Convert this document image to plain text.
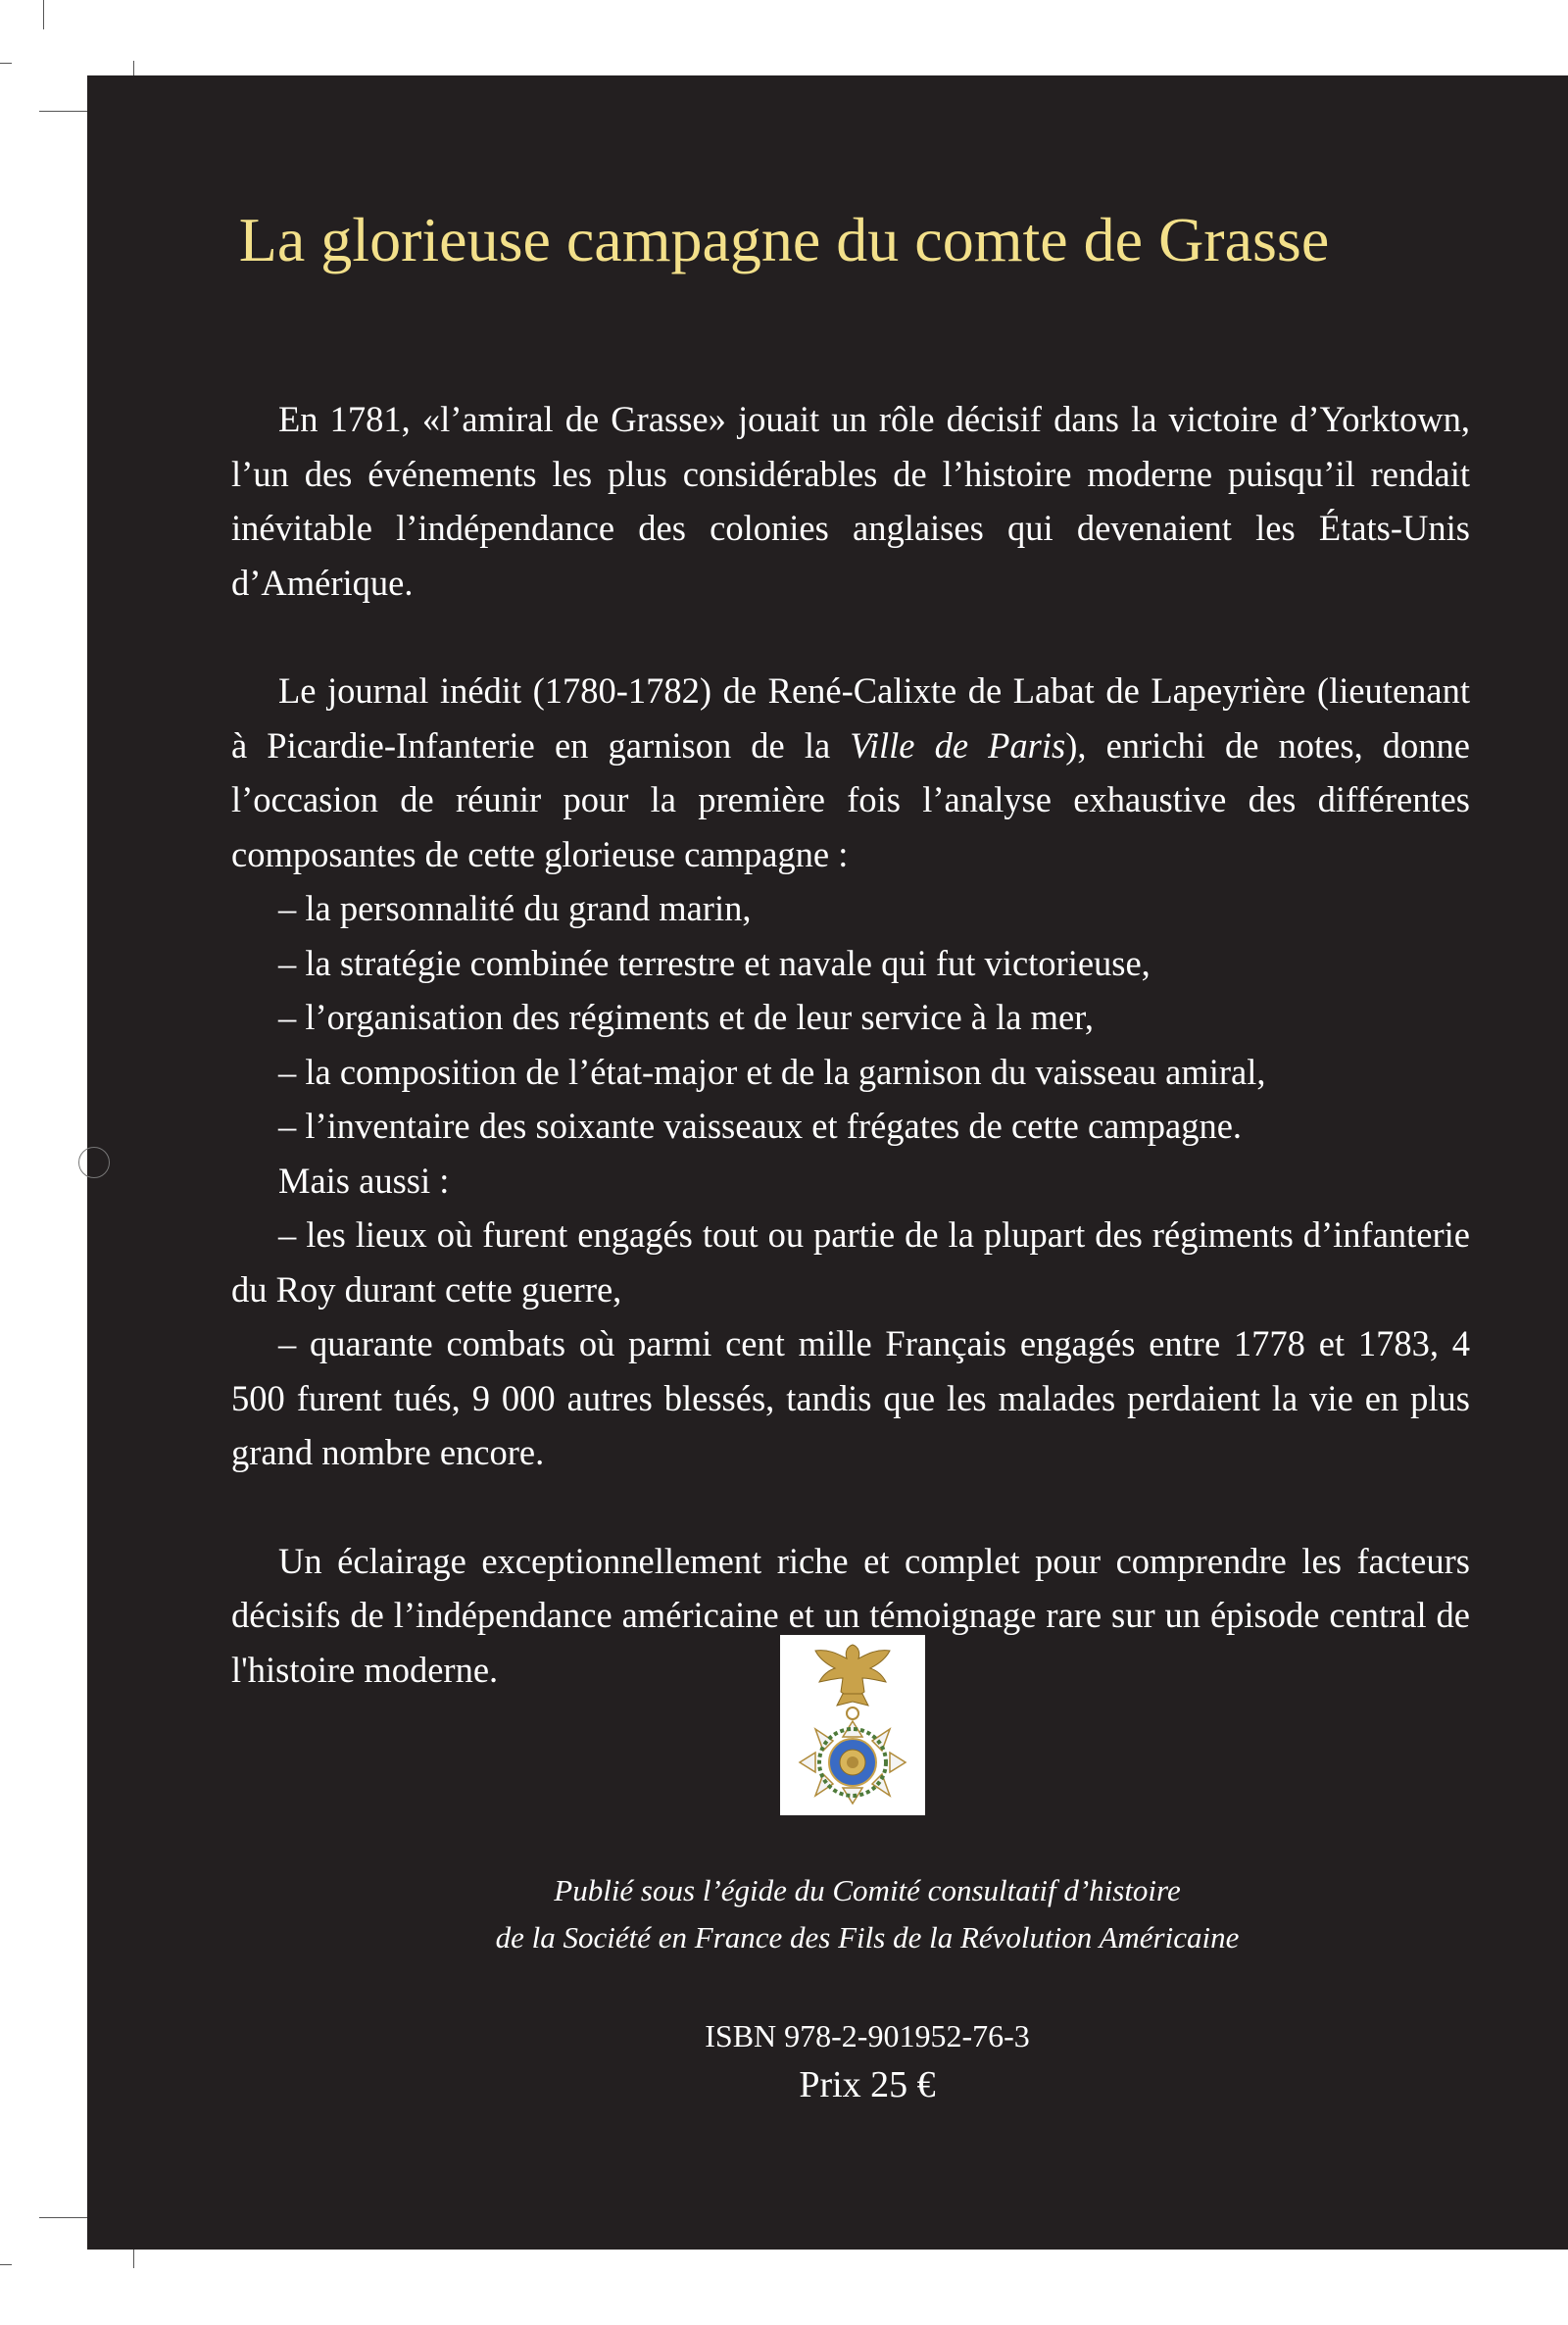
La glorieuse campagne du comte de Grasse

En 1781, «l’amiral de Grasse» jouait un rôle décisif dans la victoire d’Yorktown, l’un des événements les plus considérables de l’histoire moderne puisqu’il rendait inévitable l’indépendance des colonies anglaises qui devenaient les États-Unis d’Amérique.

Le journal inédit (1780-1782) de René-Calixte de Labat de Lapeyrière (lieutenant à Picardie-Infanterie en garnison de la Ville de Paris), enrichi de notes, donne l’occasion de réunir pour la première fois l’analyse exhaustive des différentes composantes de cette glorieuse campagne :

– la personnalité du grand marin,

– la stratégie combinée terrestre et navale qui fut victorieuse,

– l’organisation des régiments et de leur service à la mer,

– la composition de l’état-major et de la garnison du vaisseau amiral,

– l’inventaire des soixante vaisseaux et frégates de cette campagne.

Mais aussi :

– les lieux où furent engagés tout ou partie de la plupart des régiments d’infanterie du Roy durant cette guerre,

– quarante combats où parmi cent mille Français engagés entre 1778 et 1783, 4 500 furent tués, 9 000 autres blessés, tandis que les malades perdaient la vie en plus grand nombre encore.

Un éclairage exceptionnellement riche et complet pour comprendre les facteurs décisifs de l’indépendance américaine et un témoignage rare sur un épisode central de l'histoire moderne.

Publié sous l’égide du Comité consultatif d’histoire
de la Société en France des Fils de la Révolution Américaine
ISBN 978-2-901952-76-3
Prix 25 €
